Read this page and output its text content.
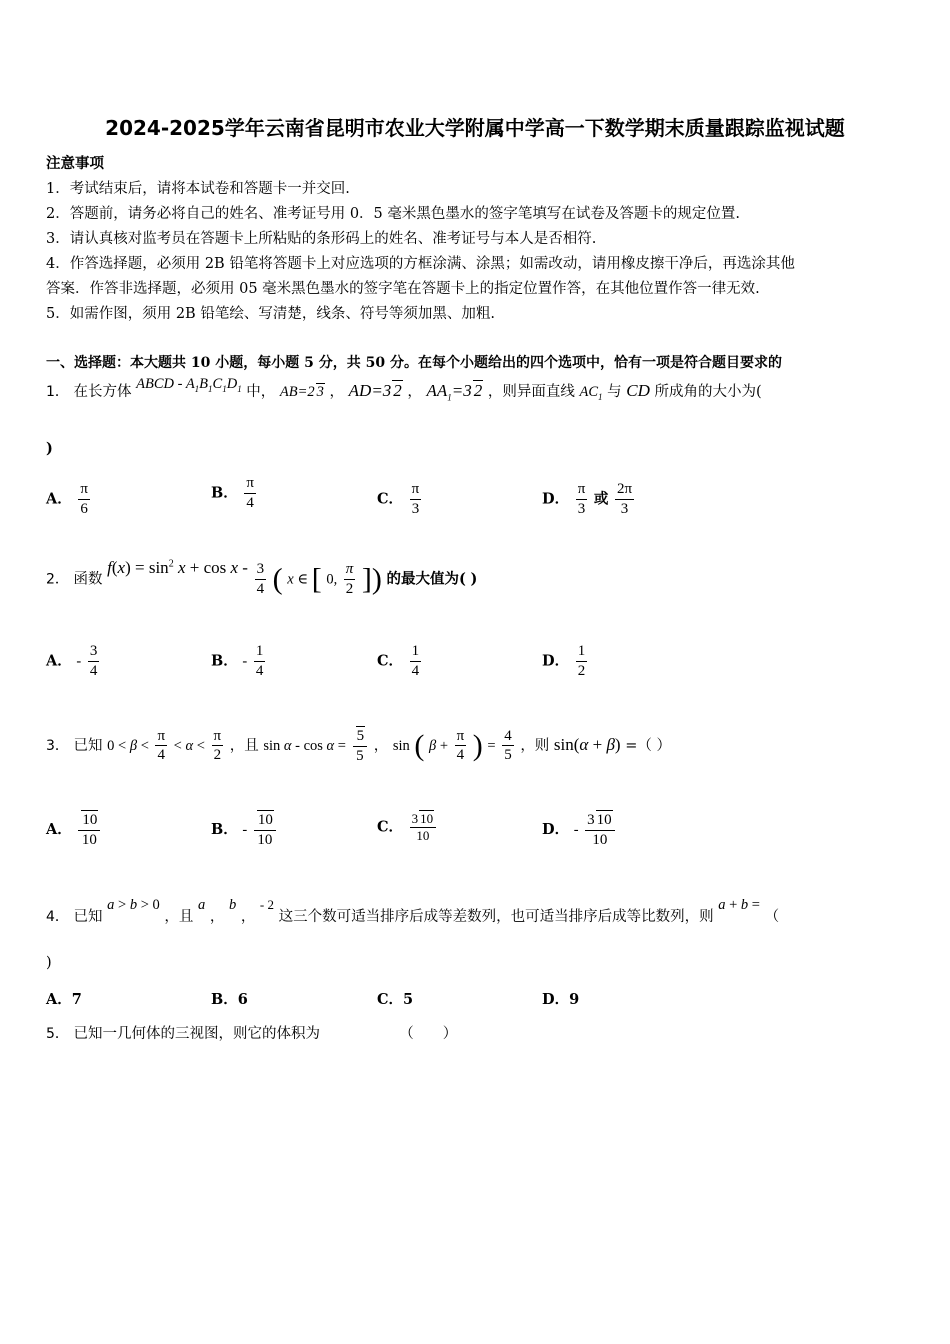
2024-2025学年云南省昆明市农业大学附属中学高一下数学期末质量跟踪监视试题
注意事项
1．考试结束后，请将本试卷和答题卡一并交回.
2．答题前，请务必将自己的姓名、准考证号用 0．5 毫米黑色墨水的签字笔填写在试卷及答题卡的规定位置.
3．请认真核对监考员在答题卡上所粘贴的条形码上的姓名、准考证号与本人是否相符.
4．作答选择题，必须用 2B 铅笔将答题卡上对应选项的方框涂满、涂黑；如需改动，请用橡皮擦干净后，再选涂其他
答案．作答非选择题，必须用 05 毫米黑色墨水的签字笔在答题卡上的指定位置作答，在其他位置作答一律无效.
5．如需作图，须用 2B 铅笔绘、写清楚，线条、符号等须加黑、加粗.
一、选择题：本大题共 10 小题，每小题 5 分，共 50 分。在每个小题给出的四个选项中，恰有一项是符合题目要求的
1． 在长方体 ABCD - $A_1B_1C_1D_1$ 中， AB=2 3 ， AD=3 2 ， $AA_1=3$ 2 ，则异面直线 $AC_1$ 与 CD 所成角的大小为(
)
A． $\frac{\pi}{6}$	B． $\frac{\pi}{4}$	C． $\frac{\pi}{3}$	D． $\frac{\pi}{3}$ 或 $\frac{2\pi}{3}$
2． 函数 $f(x) = \sin^2 x + \cos x - \frac{3}{4}$ ( x ∈ [ 0, $\frac{\pi}{2}$ ]) 的最大值为( )
A． - $\frac{3}{4}$	B． - $\frac{1}{4}$	C． $\frac{1}{4}$	D． $\frac{1}{2}$
3． 已知 $0 < \beta < \frac{\pi}{4} < \alpha < \frac{\pi}{2}$ ，且 $\sin \alpha - \cos \alpha = \frac{5}{5}$ ， sin ( $\beta + \frac{\pi}{4}$ ) = $\frac{4}{5}$ ，则 sin(α + β) =（ ）
A． $\frac{10}{10}$	B． - $\frac{10}{10}$	C． $\frac{3 10}{10}$	D． - $\frac{3 10}{10}$
4． 已知 a > b > 0 ，且 a ， b ， - 2 这三个数可适当排序后成等差数列，也可适当排序后成等比数列，则 a + b = （
)
A．7	B．6	C．5	D．9
5． 已知一几何体的三视图，则它的体积为	（　　）
